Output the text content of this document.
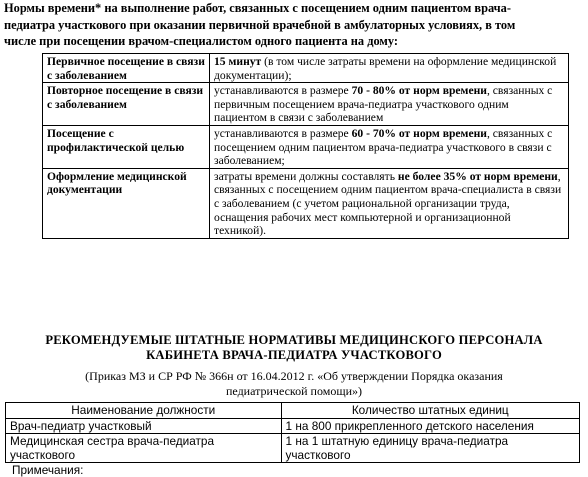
Нормы времени* на выполнение работ, связанных с посещением одним пациентом врача-
педиатра участкового при оказании первичной врачебной в амбулаторных условиях, в том
числе при посещении врачом-специалистом одного пациента на дому:
Первичное посещение в связи с заболеванием	15 минут (в том числе затраты времени на оформление медицинской документации);
Повторное посещение в связи с заболеванием	устанавливаются в размере 70 - 80% от норм времени, связанных с первичным посещением врача-педиатра участкового одним пациентом в связи с заболеванием
Посещение с профилактической целью	устанавливаются в размере 60 - 70% от норм времени, связанных с посещением одним пациентом врача-педиатра участкового в связи с заболеванием;
Оформление медицинской документации	затраты времени должны составлять не более 35% от норм времени, связанных с посещением одним пациентом врача-специалиста в связи с заболеванием (с учетом рациональной организации труда, оснащения рабочих мест компьютерной и организационной техникой).
РЕКОМЕНДУЕМЫЕ ШТАТНЫЕ НОРМАТИВЫ МЕДИЦИНСКОГО ПЕРСОНАЛА
КАБИНЕТА ВРАЧА-ПЕДИАТРА УЧАСТКОВОГО
(Приказ МЗ и СР РФ № 366н от 16.04.2012 г. «Об утверждении Порядка оказания
педиатрической помощи»)
Наименование должности	Количество штатных единиц
Врач-педиатр участковый	1 на 800 прикрепленного детского населения
Медицинская сестра врача-педиатра участкового	1 на 1 штатную единицу врача-педиатра участкового
Примечания:
